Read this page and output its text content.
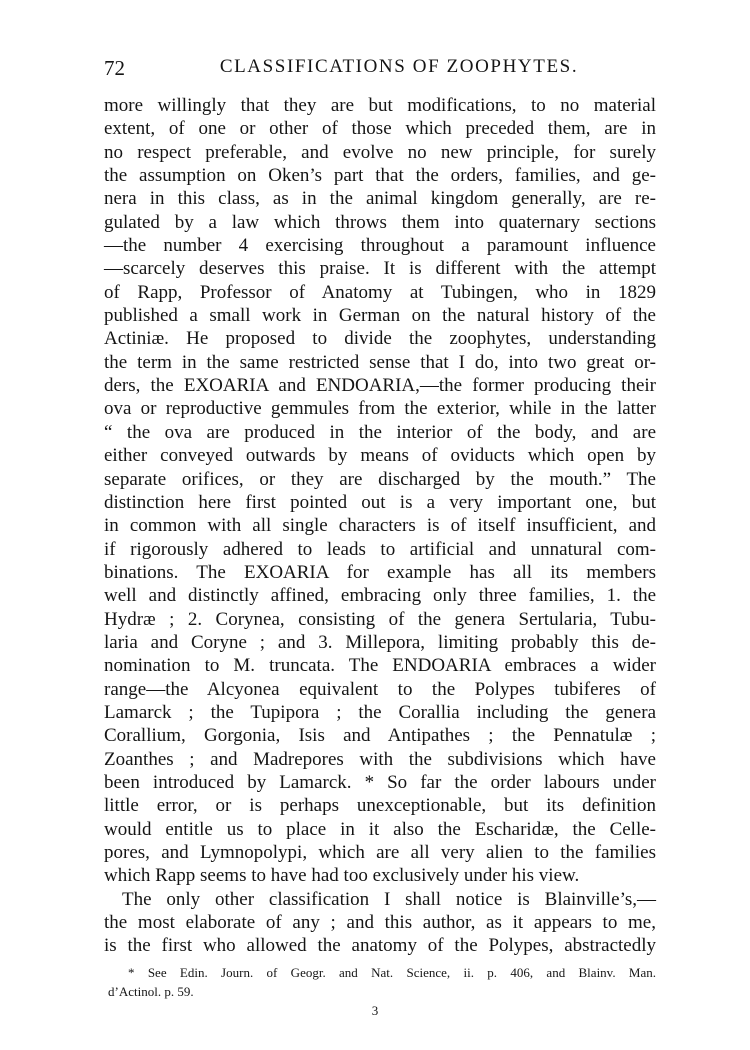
72	CLASSIFICATIONS OF ZOOPHYTES.
more willingly that they are but modifications, to no material
extent, of one or other of those which preceded them, are in
no respect preferable, and evolve no new principle, for surely
the assumption on Oken’s part that the orders, families, and ge-
nera in this class, as in the animal kingdom generally, are re-
gulated by a law which throws them into quaternary sections
—the number 4 exercising throughout a paramount influence
—scarcely deserves this praise. It is different with the attempt
of Rapp, Professor of Anatomy at Tubingen, who in 1829
published a small work in German on the natural history of the
Actiniæ. He proposed to divide the zoophytes, understanding
the term in the same restricted sense that I do, into two great or-
ders, the EXOARIA and ENDOARIA,—the former producing their
ova or reproductive gemmules from the exterior, while in the latter
“ the ova are produced in the interior of the body, and are
either conveyed outwards by means of oviducts which open by
separate orifices, or they are discharged by the mouth.” The
distinction here first pointed out is a very important one, but
in common with all single characters is of itself insufficient, and
if rigorously adhered to leads to artificial and unnatural com-
binations. The EXOARIA for example has all its members
well and distinctly affined, embracing only three families, 1. the
Hydræ ; 2. Corynea, consisting of the genera Sertularia, Tubu-
laria and Coryne ; and 3. Millepora, limiting probably this de-
nomination to M. truncata. The ENDOARIA embraces a wider
range—the Alcyonea equivalent to the Polypes tubiferes of
Lamarck ; the Tupipora ; the Corallia including the genera
Corallium, Gorgonia, Isis and Antipathes ; the Pennatulæ ;
Zoanthes ; and Madrepores with the subdivisions which have
been introduced by Lamarck. * So far the order labours under
little error, or is perhaps unexceptionable, but its definition
would entitle us to place in it also the Escharidæ, the Celle-
pores, and Lymnopolypi, which are all very alien to the families
which Rapp seems to have had too exclusively under his view.
The only other classification I shall notice is Blainville’s,—
the most elaborate of any ; and this author, as it appears to me,
is the first who allowed the anatomy of the Polypes, abstractedly
* See Edin. Journ. of Geogr. and Nat. Science, ii. p. 406, and Blainv. Man.
d’Actinol. p. 59.
3
